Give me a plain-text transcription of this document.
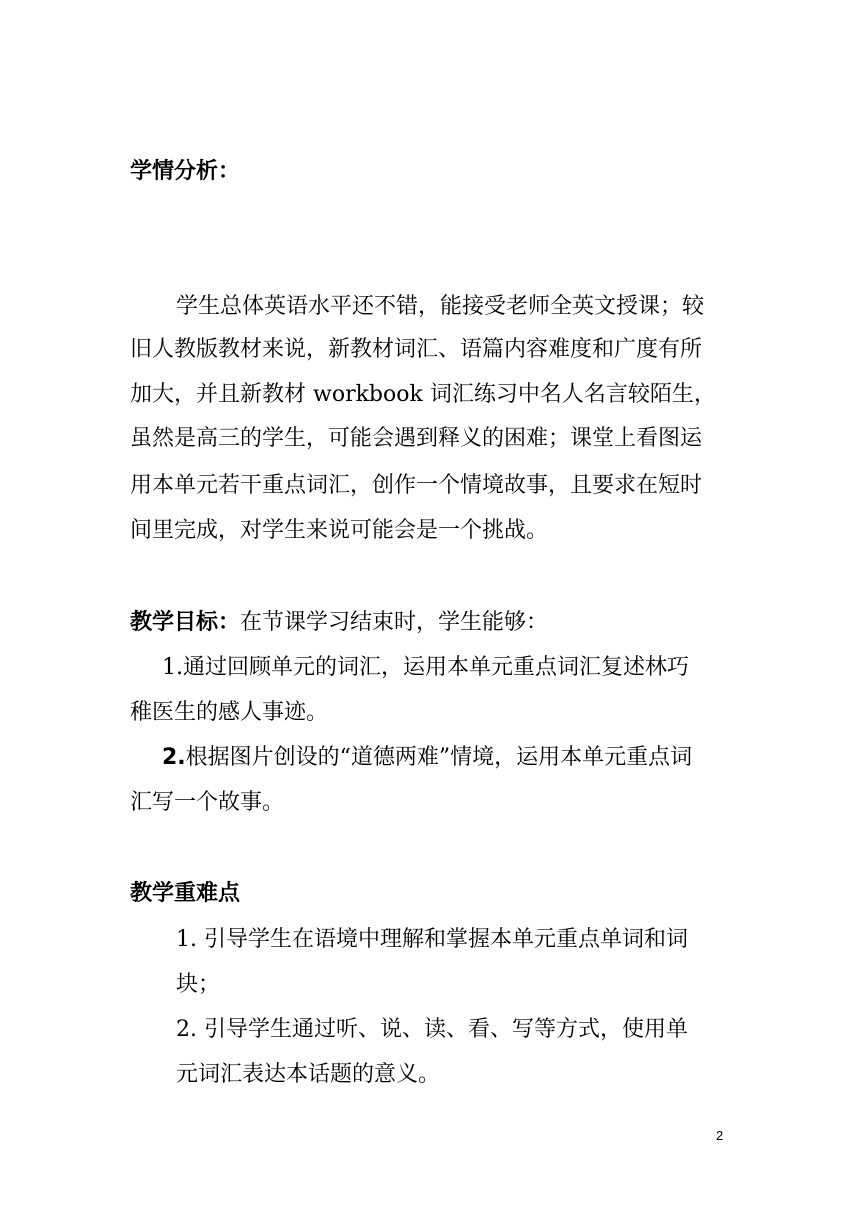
学情分析：
学生总体英语水平还不错，能接受老师全英文授课；较
旧人教版教材来说，新教材词汇、语篇内容难度和广度有所
加大，并且新教材 workbook 词汇练习中名人名言较陌生，
虽然是高三的学生，可能会遇到释义的困难；课堂上看图运
用本单元若干重点词汇，创作一个情境故事，且要求在短时
间里完成，对学生来说可能会是一个挑战。
教学目标：在节课学习结束时，学生能够：
1.通过回顾单元的词汇，运用本单元重点词汇复述林巧
稚医生的感人事迹。
2.根据图片创设的“道德两难”情境，运用本单元重点词
汇写一个故事。
教学重难点
1. 引导学生在语境中理解和掌握本单元重点单词和词
块；
2. 引导学生通过听、说、读、看、写等方式，使用单
元词汇表达本话题的意义。
2
